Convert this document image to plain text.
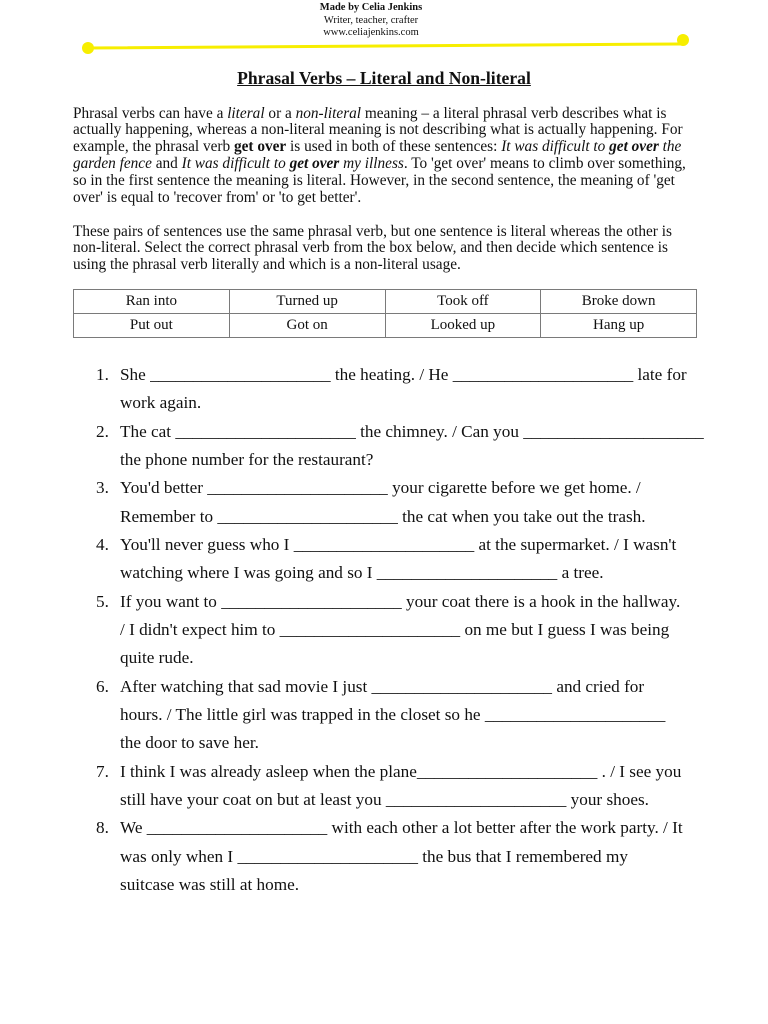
Made by Celia Jenkins
Writer, teacher, crafter
www.celiajenkins.com
Phrasal Verbs – Literal and Non-literal
Phrasal verbs can have a literal or a non-literal meaning – a literal phrasal verb describes what is
actually happening, whereas a non-literal meaning is not describing what is actually happening. For
example, the phrasal verb get over is used in both of these sentences: It was difficult to get over the
garden fence and It was difficult to get over my illness. To 'get over' means to climb over something,
so in the first sentence the meaning is literal. However, in the second sentence, the meaning of 'get
over' is equal to 'recover from' or 'to get better'.
These pairs of sentences use the same phrasal verb, but one sentence is literal whereas the other is
non-literal. Select the correct phrasal verb from the box below, and then decide which sentence is
using the phrasal verb literally and which is a non-literal usage.
Ran into	Turned up	Took off	Broke down
Put out	Got on	Looked up	Hang up
1. She _____________________ the heating. / He _____________________ late for
work again.
2. The cat _____________________ the chimney. / Can you _____________________
the phone number for the restaurant?
3. You'd better _____________________ your cigarette before we get home. /
Remember to _____________________ the cat when you take out the trash.
4. You'll never guess who I _____________________ at the supermarket. / I wasn't
watching where I was going and so I _____________________ a tree.
5. If you want to _____________________ your coat there is a hook in the hallway.
/ I didn't expect him to _____________________ on me but I guess I was being
quite rude.
6. After watching that sad movie I just _____________________ and cried for
hours. / The little girl was trapped in the closet so he _____________________
the door to save her.
7. I think I was already asleep when the plane_____________________ . / I see you
still have your coat on but at least you _____________________ your shoes.
8. We _____________________ with each other a lot better after the work party. / It
was only when I _____________________ the bus that I remembered my
suitcase was still at home.
